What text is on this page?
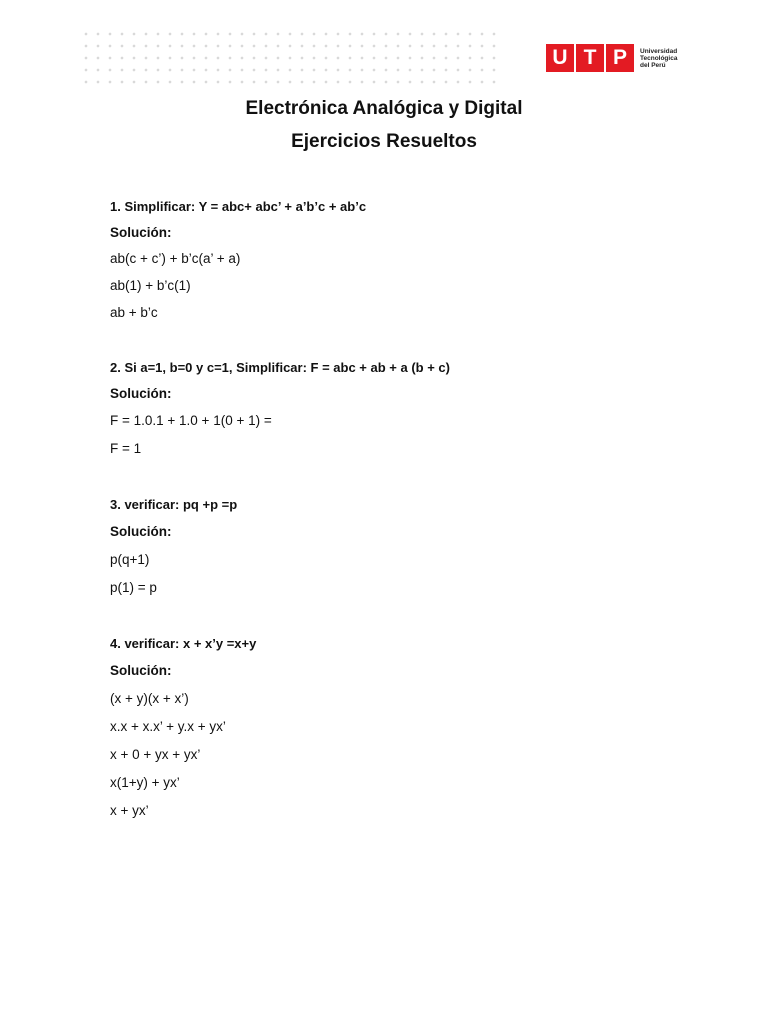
U T P	Universidad
Tecnológica
del Perú
Electrónica Analógica y Digital
Ejercicios Resueltos

1. Simplificar: Y = abc+ abc’ + a’b’c + ab’c

Solución:

ab(c + c’) + b’c(a’ + a)

ab(1) + b’c(1)

ab + b’c

2. Si a=1, b=0 y c=1, Simplificar: F = abc + ab + a (b + c)

Solución:

F = 1.0.1 + 1.0 + 1(0 + 1) =

F = 1

3. verificar: pq +p =p

Solución:

p(q+1)

p(1) = p

4. verificar: x + x’y =x+y

Solución:

(x + y)(x + x’)

x.x + x.x’ + y.x + yx’

x + 0 + yx + yx’

x(1+y) + yx’

x + yx’
